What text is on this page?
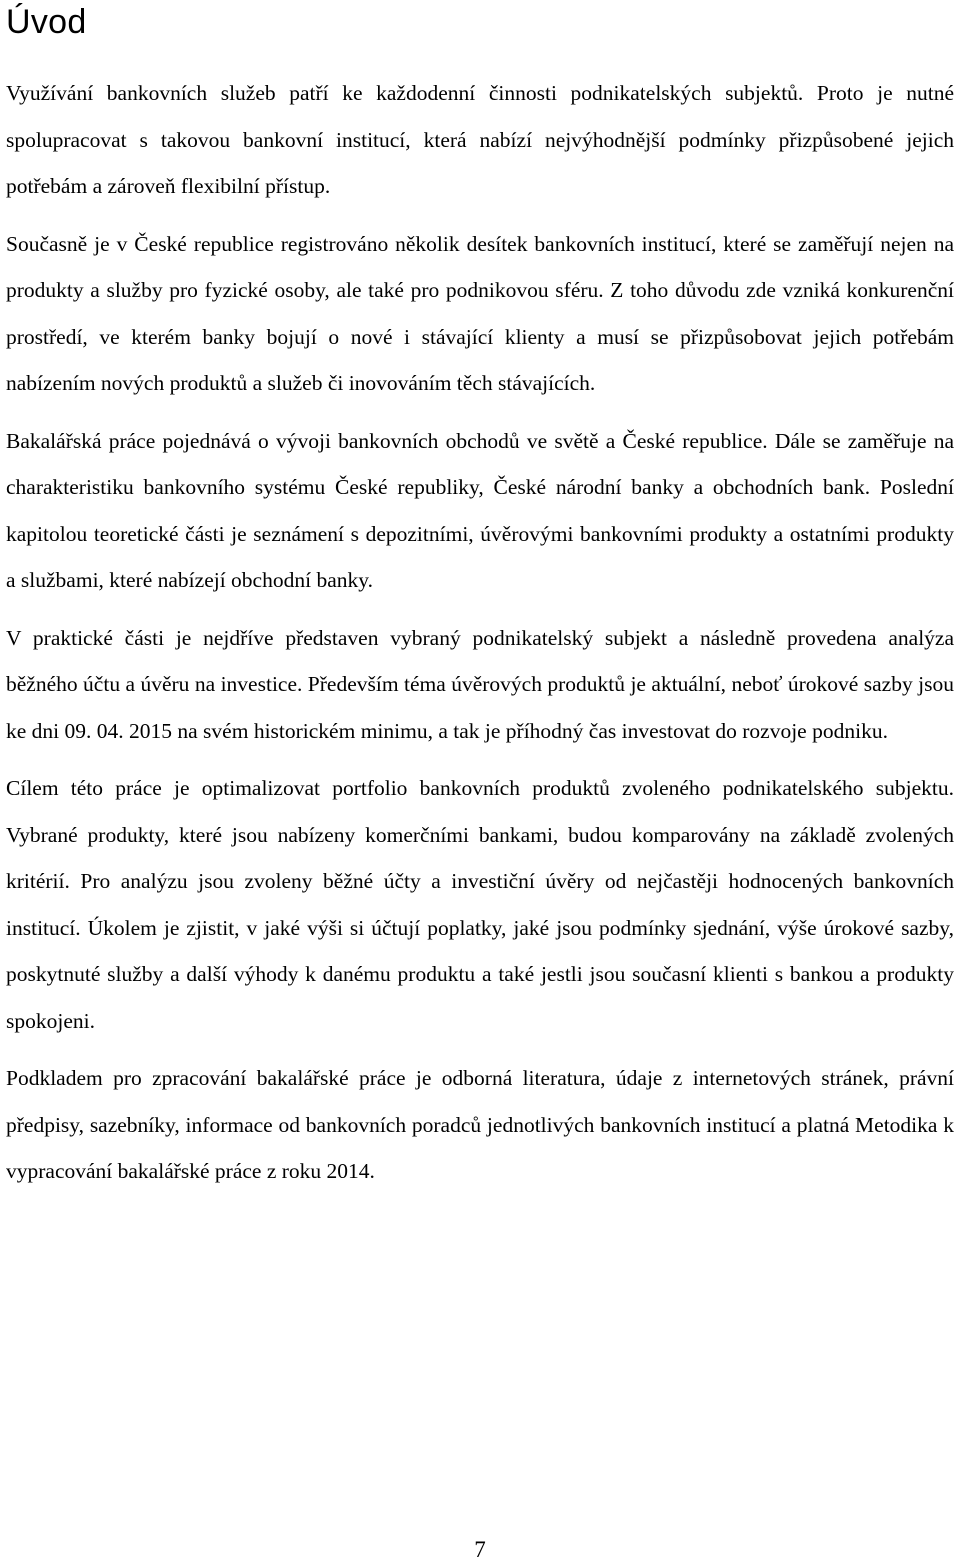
Úvod

Využívání bankovních služeb patří ke každodenní činnosti podnikatelských subjektů. Proto je nutné spolupracovat s takovou bankovní institucí, která nabízí nejvýhodnější podmínky přizpůsobené jejich potřebám a zároveň flexibilní přístup.

Současně je v České republice registrováno několik desítek bankovních institucí, které se zaměřují nejen na produkty a služby pro fyzické osoby, ale také pro podnikovou sféru. Z toho důvodu zde vzniká konkurenční prostředí, ve kterém banky bojují o nové i stávající klienty a musí se přizpůsobovat jejich potřebám nabízením nových produktů a služeb či inovováním těch stávajících.

Bakalářská práce pojednává o vývoji bankovních obchodů ve světě a České republice. Dále se zaměřuje na charakteristiku bankovního systému České republiky, České národní banky a obchodních bank. Poslední kapitolou teoretické části je seznámení s depozitními, úvěrovými bankovními produkty a ostatními produkty a službami, které nabízejí obchodní banky.

V praktické části je nejdříve představen vybraný podnikatelský subjekt a následně provedena analýza běžného účtu a úvěru na investice. Především téma úvěrových produktů je aktuální, neboť úrokové sazby jsou ke dni 09. 04. 2015 na svém historickém minimu, a tak je příhodný čas investovat do rozvoje podniku.

Cílem této práce je optimalizovat portfolio bankovních produktů zvoleného podnikatelského subjektu. Vybrané produkty, které jsou nabízeny komerčními bankami, budou komparovány na základě zvolených kritérií. Pro analýzu jsou zvoleny běžné účty a investiční úvěry od nejčastěji hodnocených bankovních institucí. Úkolem je zjistit, v jaké výši si účtují poplatky, jaké jsou podmínky sjednání, výše úrokové sazby, poskytnuté služby a další výhody k danému produktu a také jestli jsou současní klienti s bankou a produkty spokojeni.

Podkladem pro zpracování bakalářské práce je odborná literatura, údaje z internetových stránek, právní předpisy, sazebníky, informace od bankovních poradců jednotlivých bankovních institucí a platná Metodika k vypracování bakalářské práce z roku 2014.

7
